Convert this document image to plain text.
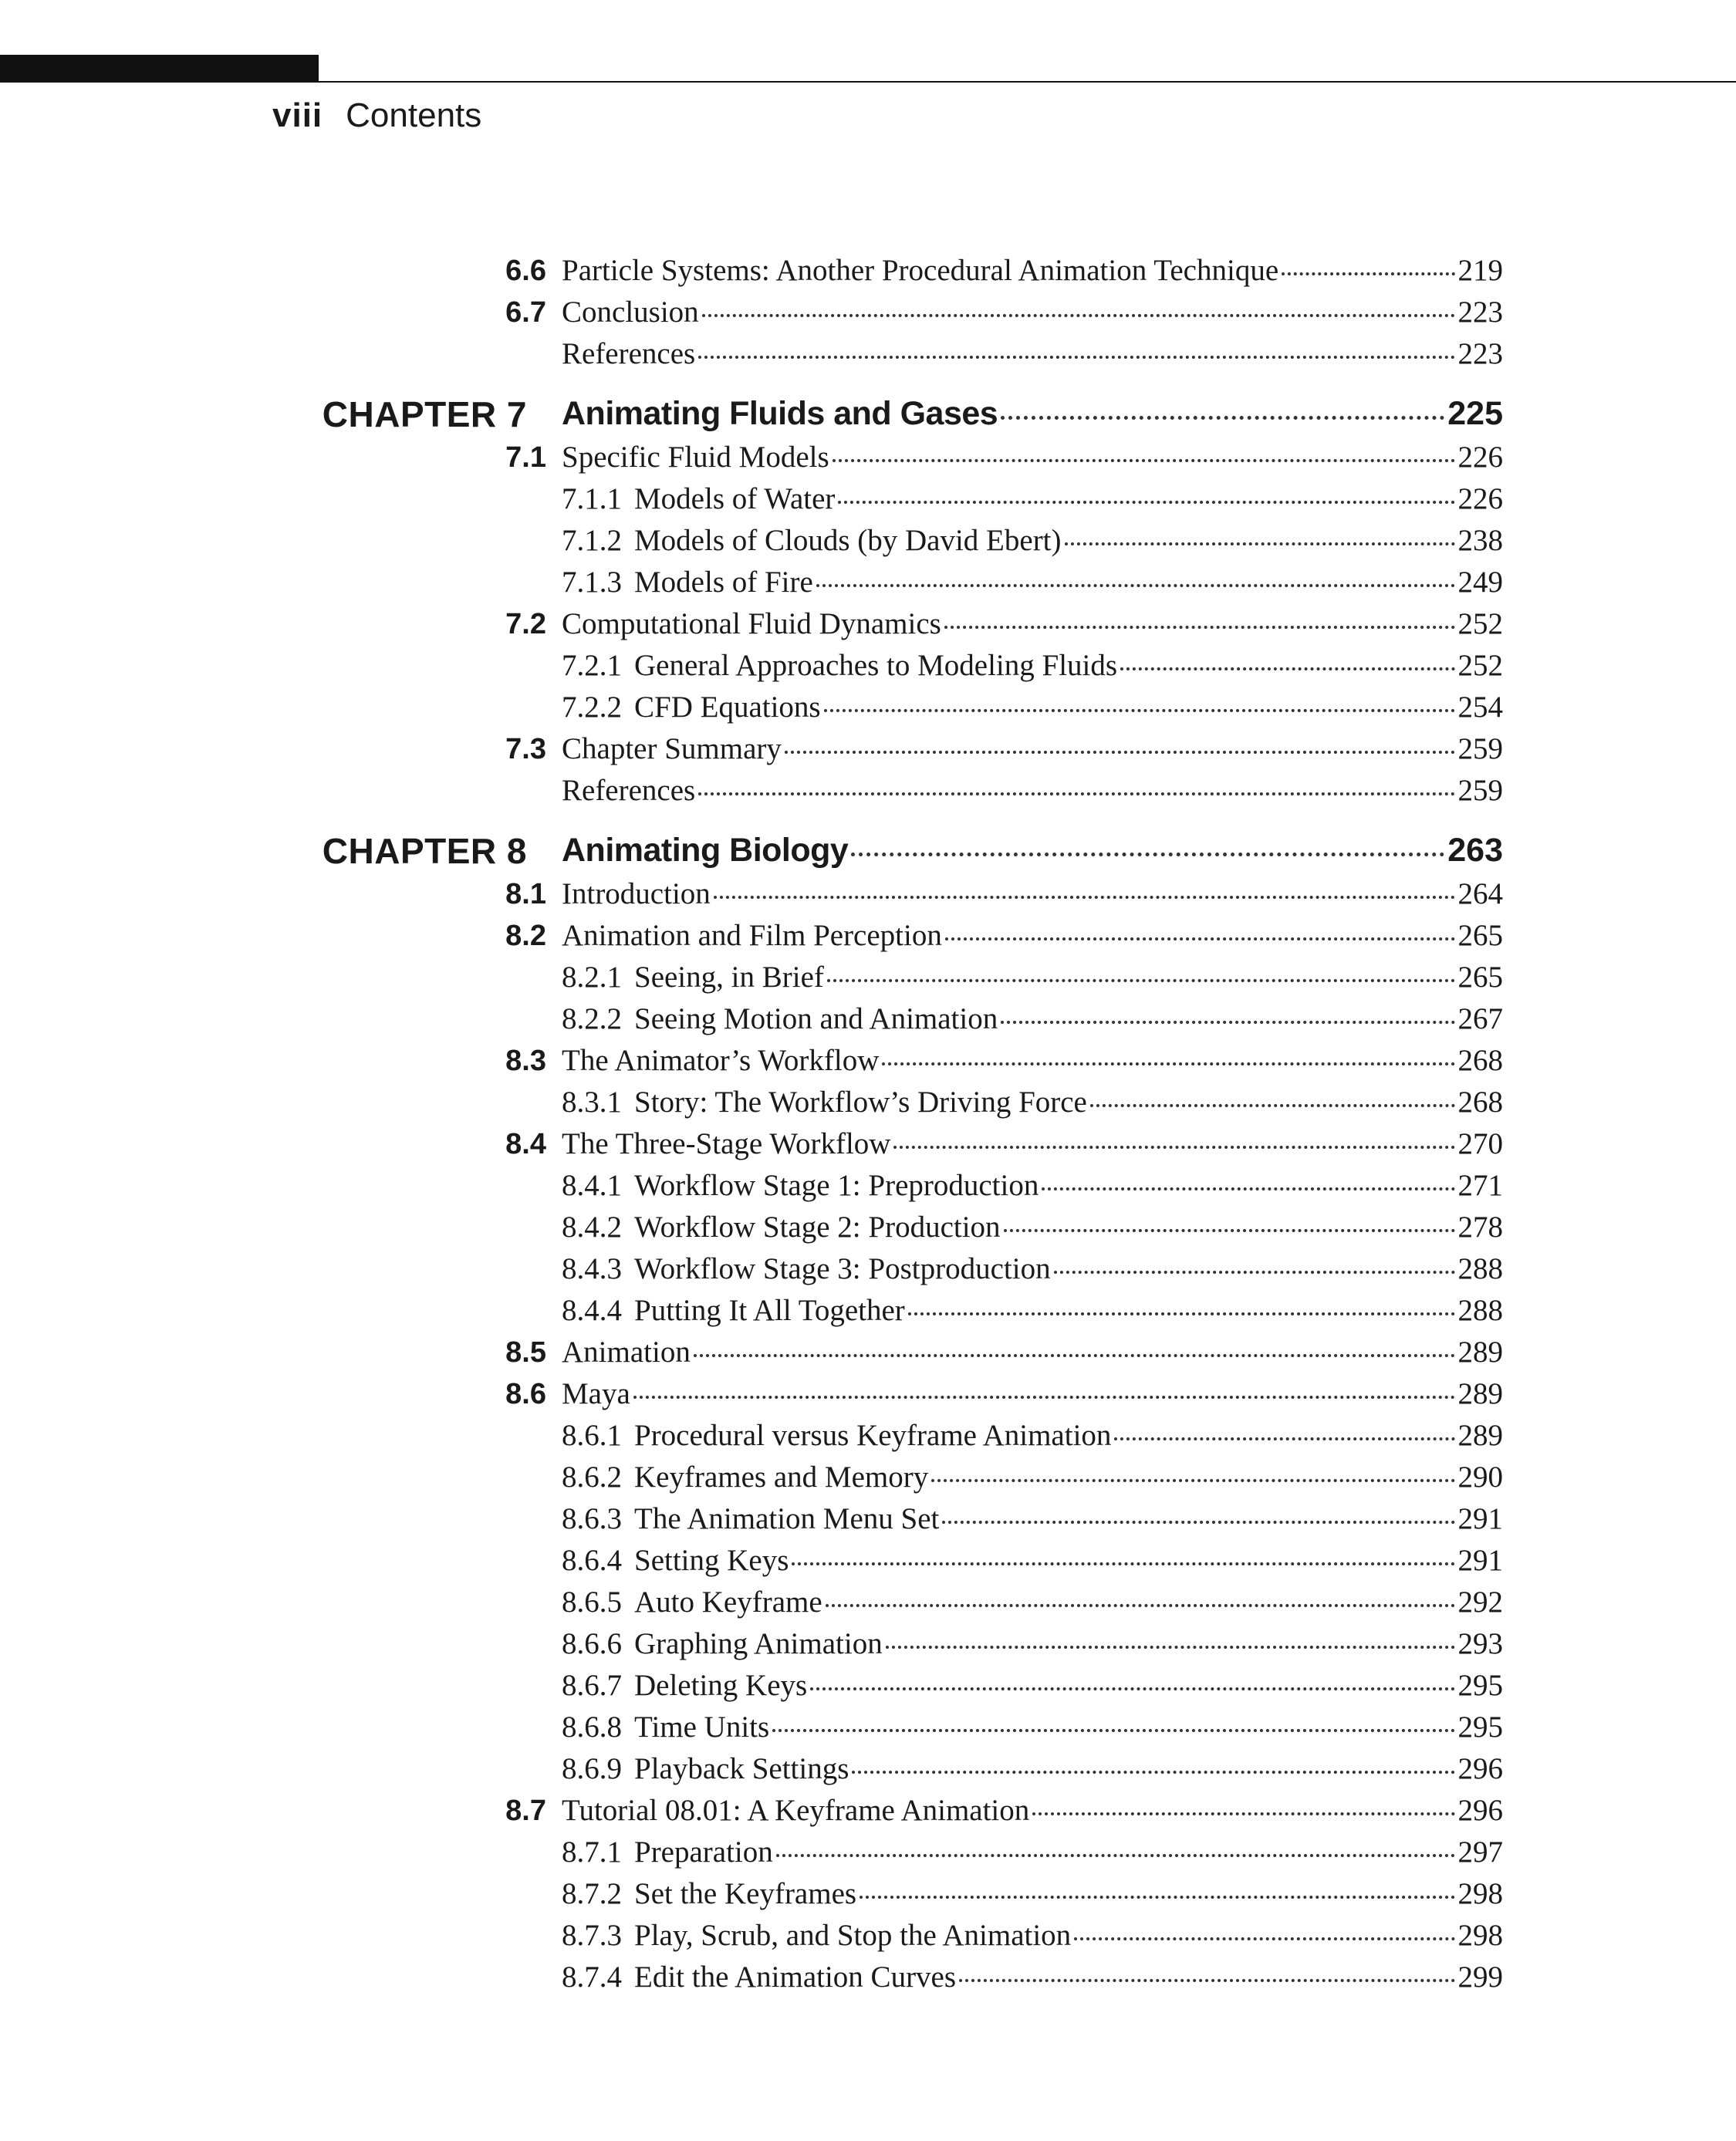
viii Contents
6.6 Particle Systems: Another Procedural Animation Technique	219
6.7 Conclusion	223
References	223
CHAPTER 7 Animating Fluids and Gases	225
7.1 Specific Fluid Models	226
7.1.1 Models of Water	226
7.1.2 Models of Clouds (by David Ebert)	238
7.1.3 Models of Fire	249
7.2 Computational Fluid Dynamics	252
7.2.1 General Approaches to Modeling Fluids	252
7.2.2 CFD Equations	254
7.3 Chapter Summary	259
References	259
CHAPTER 8 Animating Biology	263
8.1 Introduction	264
8.2 Animation and Film Perception	265
8.2.1 Seeing, in Brief	265
8.2.2 Seeing Motion and Animation	267
8.3 The Animator’s Workflow	268
8.3.1 Story: The Workflow’s Driving Force	268
8.4 The Three-Stage Workflow	270
8.4.1 Workflow Stage 1: Preproduction	271
8.4.2 Workflow Stage 2: Production	278
8.4.3 Workflow Stage 3: Postproduction	288
8.4.4 Putting It All Together	288
8.5 Animation	289
8.6 Maya	289
8.6.1 Procedural versus Keyframe Animation	289
8.6.2 Keyframes and Memory	290
8.6.3 The Animation Menu Set	291
8.6.4 Setting Keys	291
8.6.5 Auto Keyframe	292
8.6.6 Graphing Animation	293
8.6.7 Deleting Keys	295
8.6.8 Time Units	295
8.6.9 Playback Settings	296
8.7 Tutorial 08.01: A Keyframe Animation	296
8.7.1 Preparation	297
8.7.2 Set the Keyframes	298
8.7.3 Play, Scrub, and Stop the Animation	298
8.7.4 Edit the Animation Curves	299
